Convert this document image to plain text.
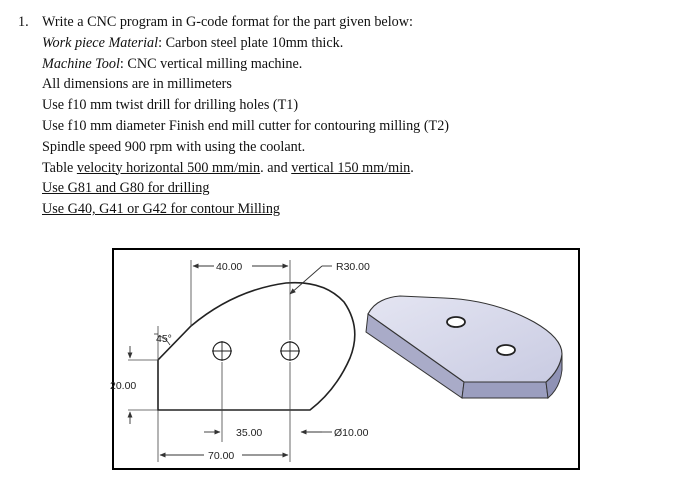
1. Write a CNC program in G-code format for the part given below:
Work piece Material: Carbon steel plate 10mm thick.
Machine Tool: CNC vertical milling machine.
All dimensions are in millimeters
Use f10 mm twist drill for drilling holes (T1)
Use f10 mm diameter Finish end mill cutter for contouring milling (T2)
Spindle speed 900 rpm with using the coolant.
Table velocity horizontal 500 mm/min. and vertical 150 mm/min.
Use G81 and G80 for drilling
Use G40, G41 or G42 for contour Milling
40.00	R30.00
45°
20.00
35.00
70.00
Ø10.00
